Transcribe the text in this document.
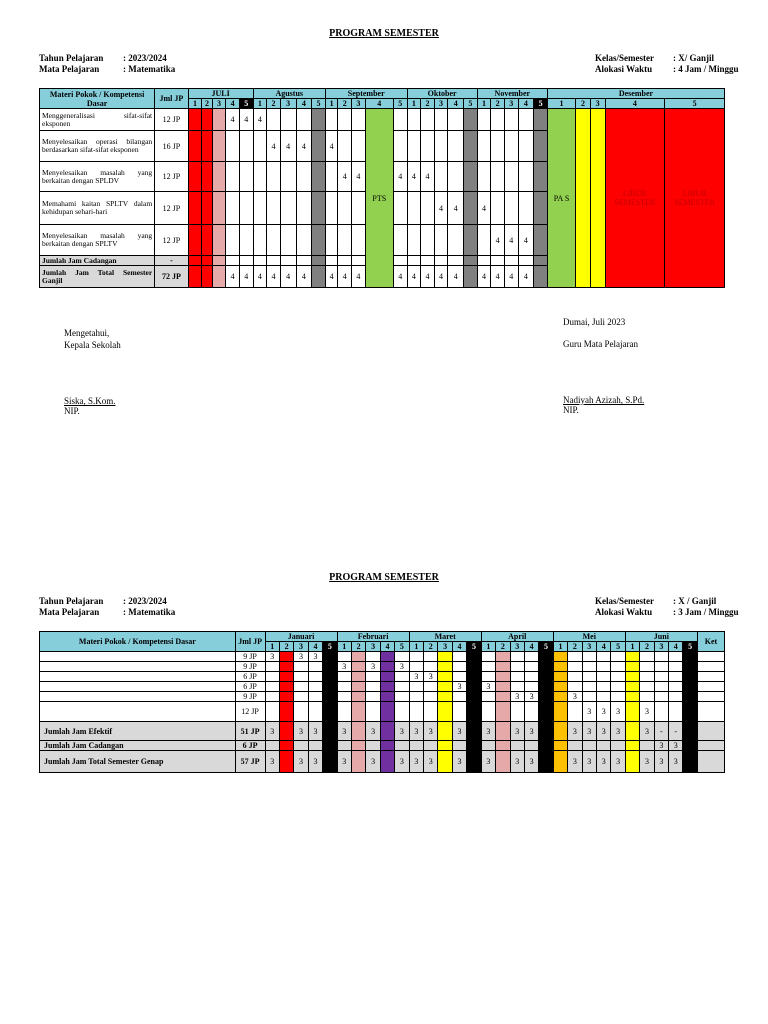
PROGRAM SEMESTER
Tahun Pelajaran : 2023/2024
Mata Pelajaran	: Matematika
Kelas/Semester : X/ Ganjil
Alokasi Waktu : 4 Jam / Minggu
Materi Pokok / Kompetensi Dasar	Jml JP	JULI					Agustus					September					Oktober					November					Desember				
		1	2	3	4	5	1	2	3	4	5	1	2	3	4	5	1	2	3	4	5	1	2	3	4	5	1	2	3	4	5
Menggeneralisasi sifat-sifat eksponen	12 JP				4	4	4								PTS												PA S			LIBUR SEMESTER	LIBUR SEMESTER
Menyelesaikan operasi bilangan berdasarkan sifat-sifat eksponen	16 JP							4	4	4		4																			
Menyelesaikan masalah yang berkaitan dengan SPLDV	12 JP												4	4		4	4	4													
Memahami kaitan SPLTV dalam kehidupan sehari-hari	12 JP																		4	4		4									
Menyelesaikan masalah yang berkaitan dengan SPLTV	12 JP																						4	4	4						
Jumlah Jam Cadangan	-																														
Jumlah Jam Total Semester Ganjil	72 JP				4	4	4	4	4	4		4	4	4		4	4	4	4	4		4	4	4	4						
Mengetahui,
Kepala Sekolah
Siska, S.Kom.
NIP.
Dumai, Juli 2023
Guru Mata Pelajaran
Nadiyah Azizah, S.Pd.
NIP.
PROGRAM SEMESTER
Tahun Pelajaran : 2023/2024
Mata Pelajaran	: Matematika
Kelas/Semester : X / Ganjil
Alokasi Waktu : 3 Jam / Minggu
Materi Pokok / Kompetensi Dasar	Jml JP	Januari					Februari					Maret					April					Mei					Juni					Ket
		1	2	3	4	5	1	2	3	4	5	1	2	3	4	5	1	2	3	4	5	1	2	3	4	5	1	2	3	4	5	
	9 JP	3		3	3																											
	9 JP						3		3		3																					
	6 JP											3	3																			
	6 JP														3		3															
	9 JP																		3	3			3									
	12 JP																							3	3	3		3				
Jumlah Jam Efektif	51 JP	3		3	3		3		3		3	3	3		3		3		3	3			3	3	3	3		3	-	-		
Jumlah Jam Cadangan	6 JP																												3	3		
Jumlah Jam Total Semester Genap	57 JP	3		3	3		3		3		3	3	3		3		3		3	3			3	3	3	3		3	3	3		
